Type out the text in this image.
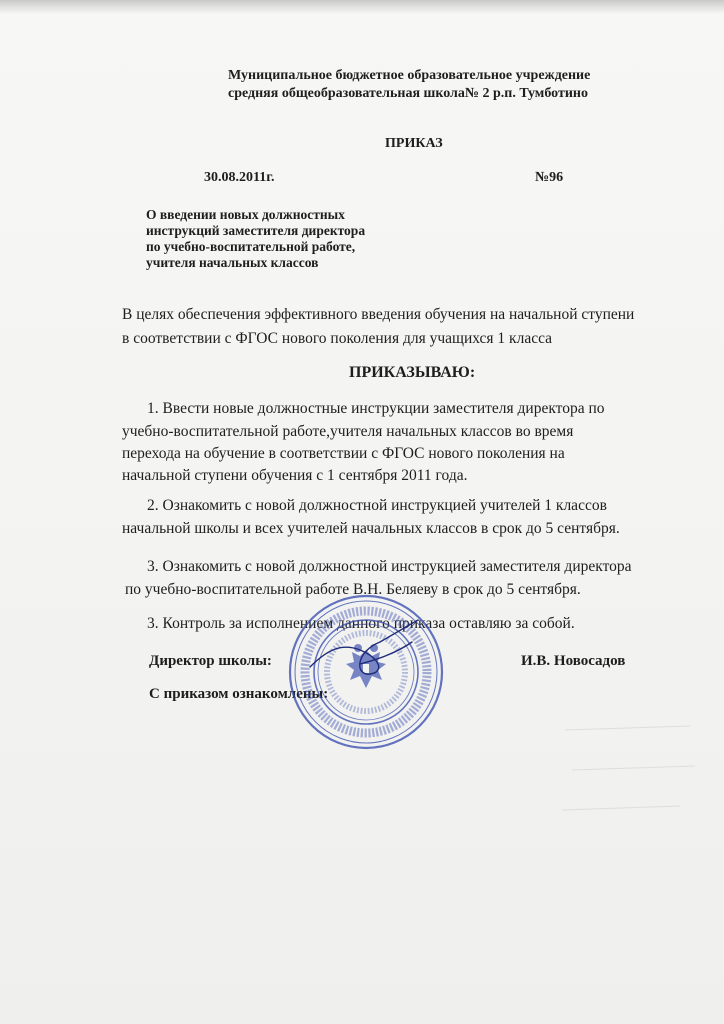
Муниципальное бюджетное образовательное учреждение
средняя общеобразовательная школа№ 2 р.п. Тумботино
ПРИКАЗ
30.08.2011г.	№96
О введении новых должностных
инструкций заместителя директора
по учебно-воспитательной работе,
учителя начальных классов
В целях обеспечения эффективного введения обучения на начальной ступени
в соответствии с ФГОС нового поколения для учащихся 1 класса
ПРИКАЗЫВАЮ:
1. Ввести новые должностные инструкции заместителя директора по
учебно-воспитательной работе,учителя начальных классов во время
перехода на обучение в соответствии с ФГОС нового поколения на
начальной ступени обучения с 1 сентября 2011 года.
2. Ознакомить с новой должностной инструкцией учителей 1 классов
начальной школы и всех учителей начальных классов в срок до 5 сентября.
3. Ознакомить с новой должностной инструкцией заместителя директора
по учебно-воспитательной работе В.Н. Беляеву в срок до 5 сентября.
3. Контроль за исполнением данного приказа оставляю за собой.
Директор школы:	И.В. Новосадов
С приказом ознакомлены:
